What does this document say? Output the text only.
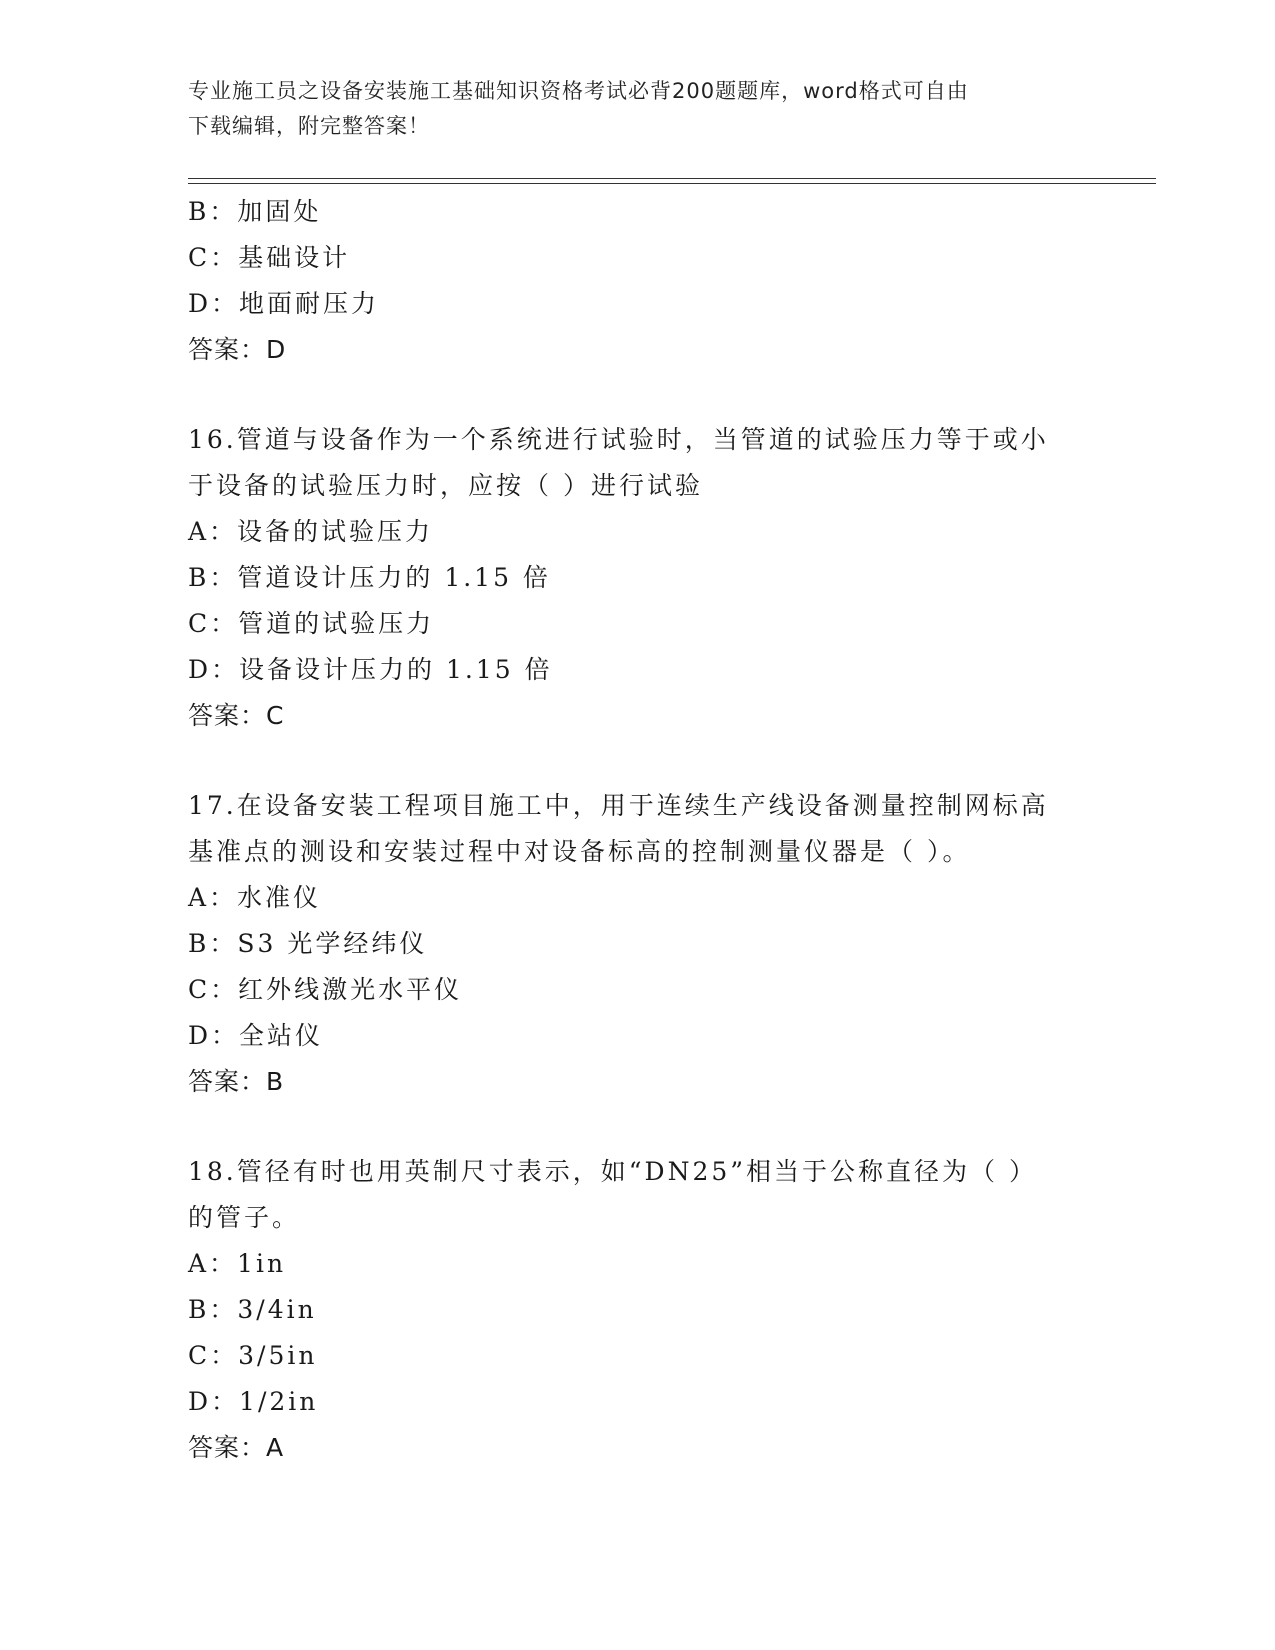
专业施工员之设备安装施工基础知识资格考试必背200题题库，word格式可自由
下载编辑，附完整答案！
B：加固处
C：基础设计
D：地面耐压力
答案：D
16.管道与设备作为一个系统进行试验时，当管道的试验压力等于或小
于设备的试验压力时，应按（ ）进行试验
A：设备的试验压力
B：管道设计压力的 1.15 倍
C：管道的试验压力
D：设备设计压力的 1.15 倍
答案：C
17.在设备安装工程项目施工中，用于连续生产线设备测量控制网标高
基准点的测设和安装过程中对设备标高的控制测量仪器是（ ）。
A：水准仪
B：S3 光学经纬仪
C：红外线激光水平仪
D：全站仪
答案：B
18.管径有时也用英制尺寸表示，如“DN25”相当于公称直径为（ ）
的管子。
A：1in
B：3/4in
C：3/5in
D：1/2in
答案：A
